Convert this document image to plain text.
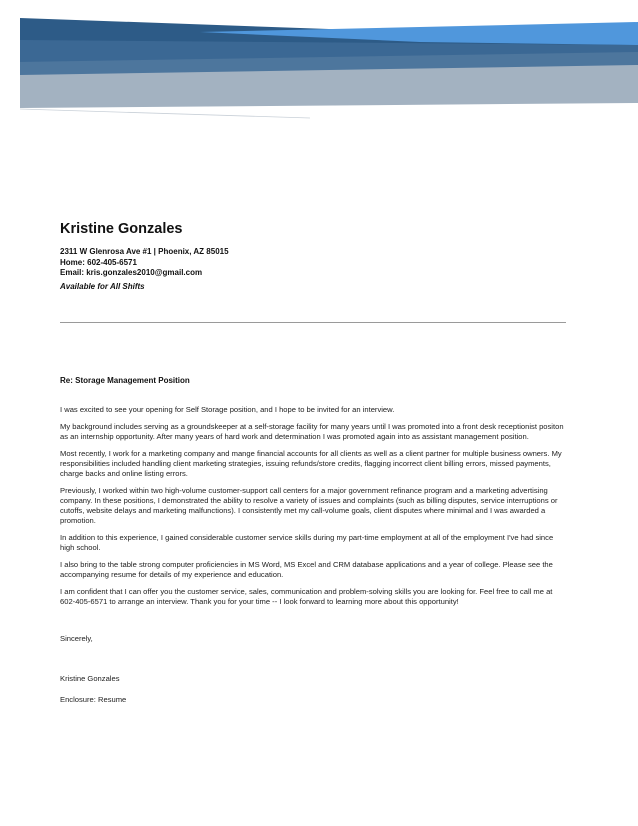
Kristine Gonzales
2311 W Glenrosa Ave #1 | Phoenix, AZ 85015
Home: 602-405-6571
Email: kris.gonzales2010@gmail.com
Available for All Shifts
Re: Storage Management Position

I was excited to see your opening for Self Storage position, and I hope to be invited for an interview.

My background includes serving as a groundskeeper at a self-storage facility for many years until I was promoted into a front desk receptionist positon as an internship opportunity. After many years of hard work and determination I was promoted again into as assistant management position.

Most recently, I work for a marketing company and mange financial accounts for all clients as well as a client partner for multiple business owners. My responsibilities included handling client marketing strategies, issuing refunds/store credits, flagging incorrect client billing errors, missed payments, charge backs and online listing errors.

Previously, I worked within two high-volume customer-support call centers for a major government refinance program and a marketing advertising company. In these positions, I demonstrated the ability to resolve a variety of issues and complaints (such as billing disputes, service interruptions or cutoffs, website delays and marketing malfunctions). I consistently met my call-volume goals, client disputes where minimal and I was awarded a promotion.

In addition to this experience, I gained considerable customer service skills during my part-time employment at all of the employment I've had since high school.

I also bring to the table strong computer proficiencies in MS Word, MS Excel and CRM database applications and a year of college. Please see the accompanying resume for details of my experience and education.

I am confident that I can offer you the customer service, sales, communication and problem-solving skills you are looking for. Feel free to call me at 602-405-6571 to arrange an interview. Thank you for your time -- I look forward to learning more about this opportunity!

Sincerely,
Kristine Gonzales
Enclosure: Resume
